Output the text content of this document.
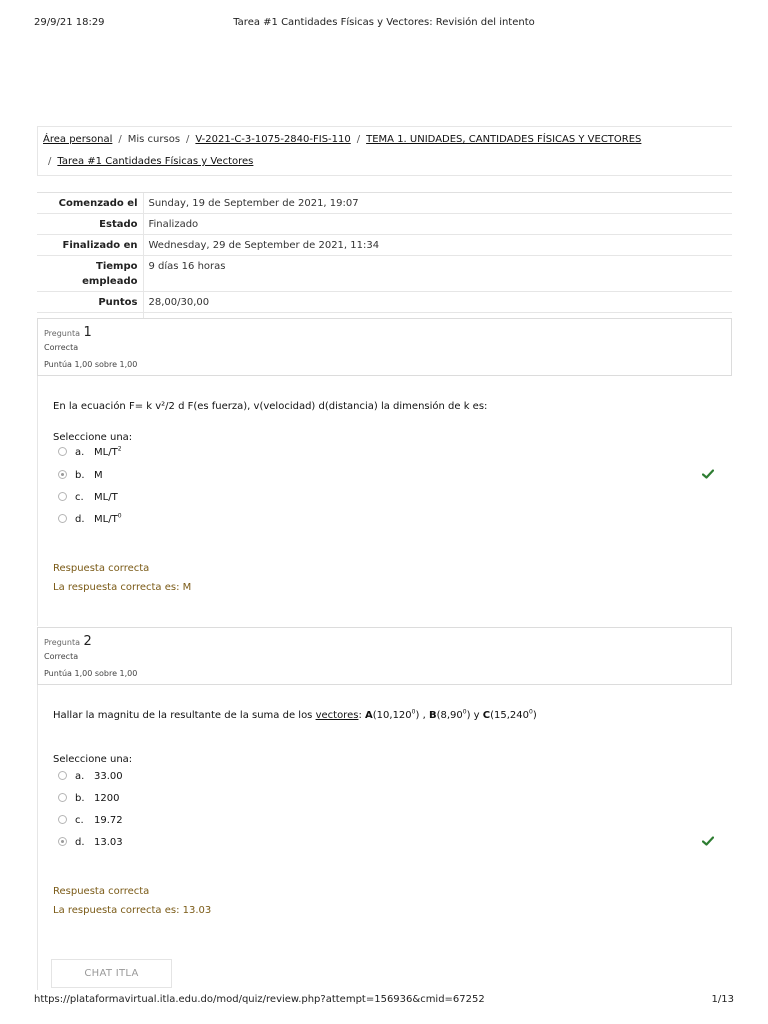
29/9/21 18:29	Tarea #1 Cantidades Físicas y Vectores: Revisión del intento
Área personal / Mis cursos / V-2021-C-3-1075-2840-FIS-110 / TEMA 1. UNIDADES, CANTIDADES FÍSICAS Y VECTORES
/ Tarea #1 Cantidades Físicas y Vectores
Comenzado el	Sunday, 19 de September de 2021, 19:07
Estado	Finalizado
Finalizado en	Wednesday, 29 de September de 2021, 11:34
Tiempo empleado	9 días 16 horas
Puntos	28,00/30,00

Pregunta 1
Correcta
Puntúa 1,00 sobre 1,00
En la ecuación F= k v²/2 d F(es fuerza), v(velocidad) d(distancia) la dimensión de k es:
Seleccione una:
a. $ML/T^2$
b. M
c. ML/T
d. $ML/T^0$
Respuesta correcta
La respuesta correcta es: M
Pregunta 2
Correcta
Puntúa 1,00 sobre 1,00
Hallar la magnitu de la resultante de la suma de los vectores: A(10,120$^0$) , B(8,90$^0$) y C(15,240$^0$)
Seleccione una:
a. 33.00
b. 1200
c. 19.72
d. 13.03
Respuesta correcta
La respuesta correcta es: 13.03
CHAT ITLA
https://plataformavirtual.itla.edu.do/mod/quiz/review.php?attempt=156936&cmid=67252	1/13
